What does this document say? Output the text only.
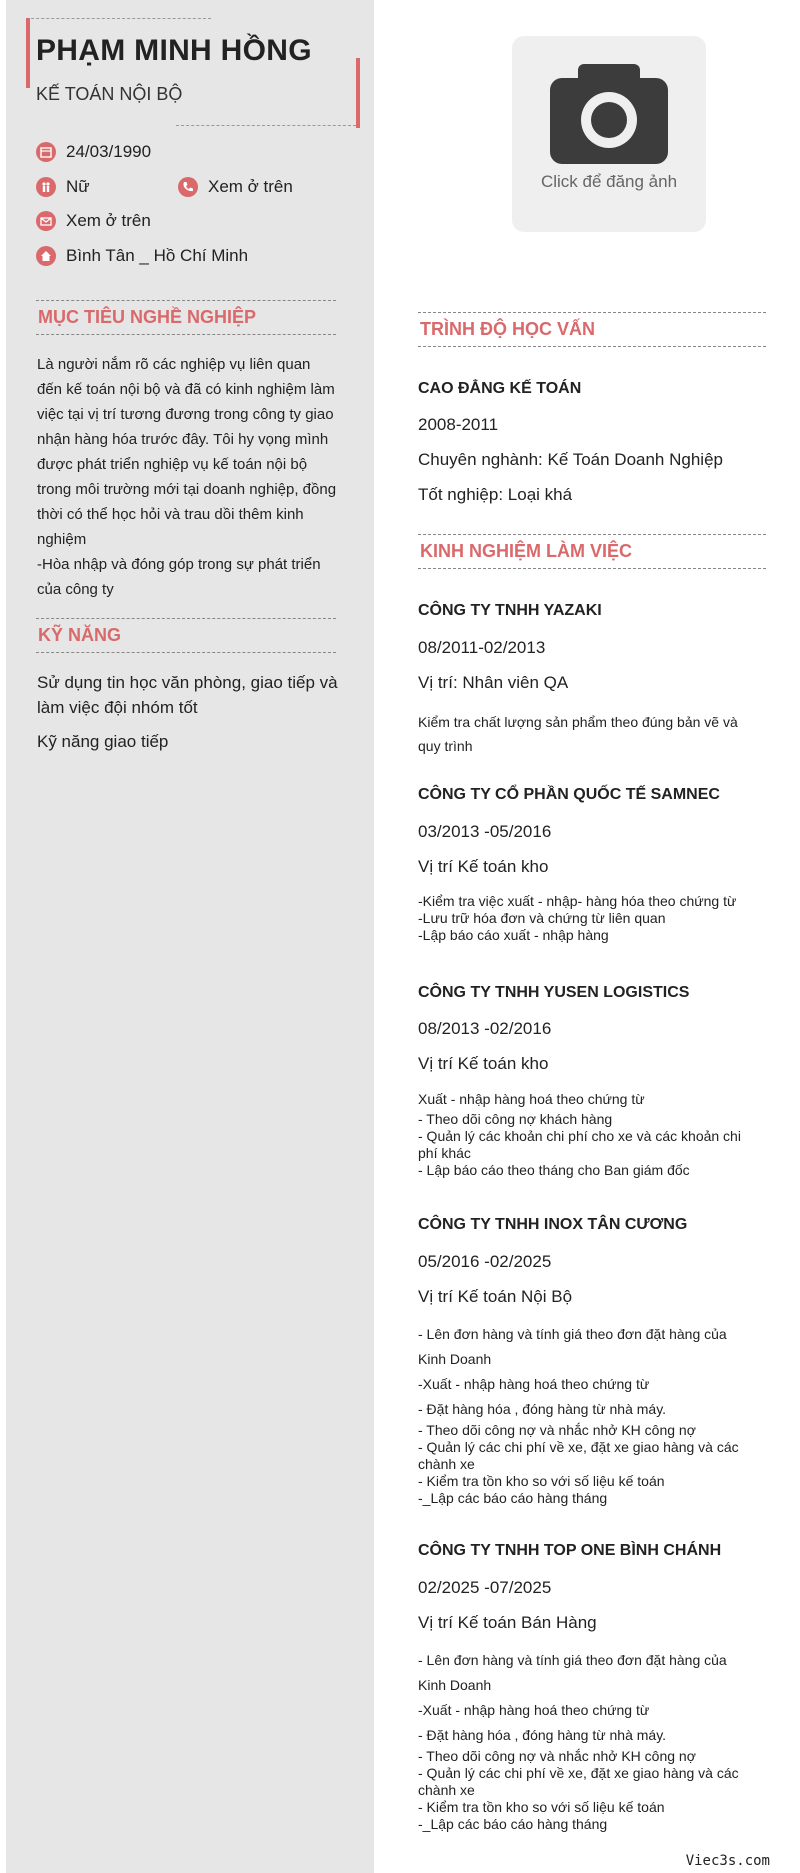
PHẠM MINH HỒNG
KẾ TOÁN NỘI BỘ
24/03/1990
Nữ	Xem ở trên
Xem ở trên
Bình Tân _ Hồ Chí Minh
MỤC TIÊU NGHỀ NGHIỆP
Là người nắm rõ các nghiệp vụ liên quan
đến kế toán nội bộ và đã có kinh nghiệm làm
việc tại vị trí tương đương trong công ty giao
nhận hàng hóa trước đây. Tôi hy vọng mình
được phát triển nghiệp vụ kế toán nội bộ
trong môi trường mới tại doanh nghiệp, đồng
thời có thể học hỏi và trau dồi thêm kinh
nghiệm
-Hòa nhập và đóng góp trong sự phát triển
của công ty
KỸ NĂNG
Sử dụng tin học văn phòng, giao tiếp và
làm việc đội nhóm tốt
Kỹ năng giao tiếp
Click để đăng ảnh
TRÌNH ĐỘ HỌC VẤN
CAO ĐẲNG KẾ TOÁN
2008-2011
Chuyên nghành: Kế Toán Doanh Nghiệp
Tốt nghiệp: Loại khá
KINH NGHIỆM LÀM VIỆC
CÔNG TY TNHH YAZAKI
08/2011-02/2013
Vị trí: Nhân viên QA
Kiểm tra chất lượng sản phẩm theo đúng bản vẽ và
quy trình
CÔNG TY CỔ PHẦN QUỐC TẾ SAMNEC
03/2013 -05/2016
Vị trí Kế toán kho
-Kiểm tra việc xuất - nhập- hàng hóa theo chứng từ
-Lưu trữ hóa đơn và chứng từ liên quan
-Lập báo cáo xuất - nhập hàng
CÔNG TY TNHH YUSEN LOGISTICS
08/2013 -02/2016
Vị trí Kế toán kho
Xuất - nhập hàng hoá theo chứng từ
- Theo dõi công nợ khách hàng
- Quản lý các khoản chi phí cho xe và các khoản chi
phí khác
- Lập báo cáo theo tháng cho Ban giám đốc
CÔNG TY TNHH INOX TÂN CƯƠNG
05/2016 -02/2025
Vị trí Kế toán Nội Bộ
- Lên đơn hàng và tính giá theo đơn đặt hàng của
Kinh Doanh
-Xuất - nhập hàng hoá theo chứng từ
- Đặt hàng hóa , đóng hàng từ nhà máy.
- Theo dõi công nợ và nhắc nhở KH công nợ
- Quản lý các chi phí về xe, đặt xe giao hàng và các
chành xe
- Kiểm tra tồn kho so với số liệu kế toán
-_Lập các báo cáo hàng tháng
CÔNG TY TNHH TOP ONE BÌNH CHÁNH
02/2025 -07/2025
Vị trí Kế toán Bán Hàng
- Lên đơn hàng và tính giá theo đơn đặt hàng của
Kinh Doanh
-Xuất - nhập hàng hoá theo chứng từ
- Đặt hàng hóa , đóng hàng từ nhà máy.
- Theo dõi công nợ và nhắc nhở KH công nợ
- Quản lý các chi phí về xe, đặt xe giao hàng và các
chành xe
- Kiểm tra tồn kho so với số liệu kế toán
-_Lập các báo cáo hàng tháng
Viec3s.com
